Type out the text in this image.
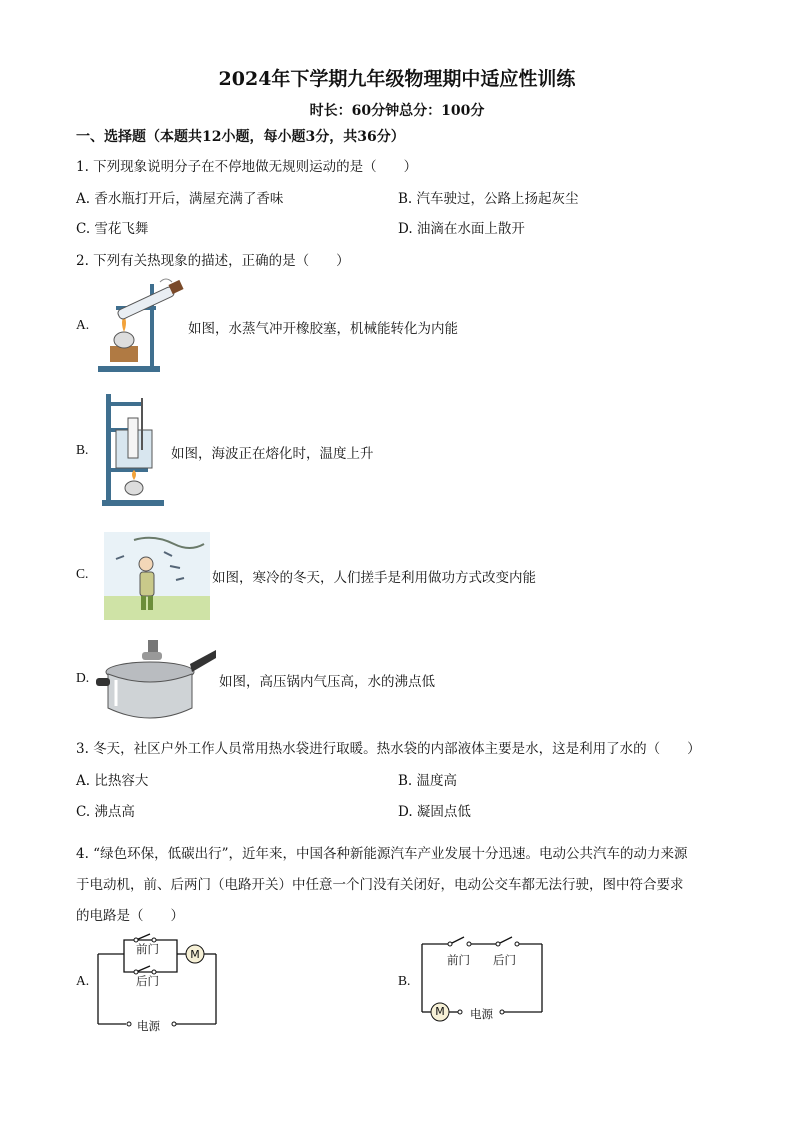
2024年下学期九年级物理期中适应性训练
时长：60分钟总分：100分
一、选择题（本题共12小题，每小题3分，共36分）
1. 下列现象说明分子在不停地做无规则运动的是（　　）
A. 香水瓶打开后，满屋充满了香味	B. 汽车驶过，公路上扬起灰尘
C. 雪花飞舞	D. 油滴在水面上散开
2. 下列有关热现象的描述，正确的是（　　）
A.	如图，水蒸气冲开橡胶塞，机械能转化为内能
B.	如图，海波正在熔化时，温度上升
C.	如图，寒冷的冬天，人们搓手是利用做功方式改变内能
D.	如图，高压锅内气压高，水的沸点低
3. 冬天，社区户外工作人员常用热水袋进行取暖。热水袋的内部液体主要是水，这是利用了水的（　　）
A. 比热容大	B. 温度高
C. 沸点高	D. 凝固点低
4. “绿色环保，低碳出行”，近年来，中国各种新能源汽车产业发展十分迅速。电动公共汽车的动力来源
于电动机，前、后两门（电路开关）中任意一个门没有关闭好，电动公交车都无法行驶，图中符合要求
的电路是（　　）
A.
M
前门
后门
电源
B.
M
前门 后门
电源
